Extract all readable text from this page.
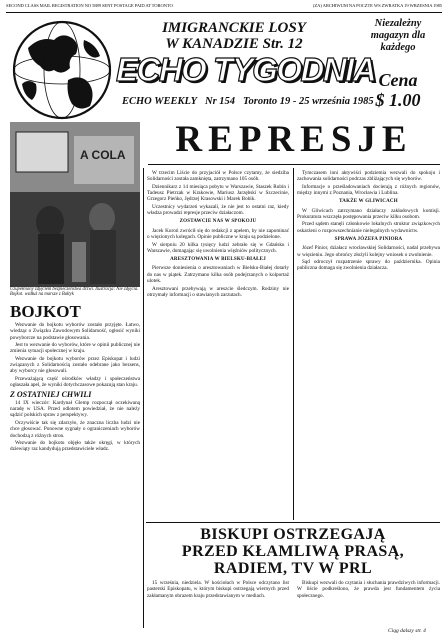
SECOND CLASS MAIL REGISTRATION NO 5889 SENT POSTAGE PAID AT TORONTO	(ZA) ARCHIWUM NA POCZTE WS ZWRATKA 19 WRZESNIA 1985
IMIGRANCKIE LOSY
W KANADZIE Str. 12
ECHO TYGODNIA
ECHO WEEKLY Nr 154 Toronto 19 - 25 września 1985
Niezależny magazyn dla każdego
Cena
$ 1.00
A COLA
Uzupełniony zdjęciem bezpieczeństwa drzwi. Ilustracja: Nie zdjęcia. Bojkot. wzdłuż na marsze z Bałtyk
REPRESJE
BOJKOT

Wezwanie do bojkotu wyborów zostało przyjęte. Łatwo, wiedząc o Związku Zawodowym Solidarność, ogłosić wyniki powyborcze na podstawie głosowania.

Jest to wezwanie do wyborów, które w opinii publicznej nie zmienia sytuacji społecznej w kraju.

Wezwanie do bojkotu wyborów przez Episkopat i ludzi związanych z Solidarnością zostało odebrane jako bezsens, aby wyborcy nie głosowali.

Przeważającą część ośrodków władzy i społeczeństwa ogłaszała apel, że wyniki dotychczasowe pokazują stan kraju.

Z OSTATNIEJ CHWILI

14 IX wieczór: Kardynał Glemp rozpoczął oczekiwaną naradę w USA. Przed odlotem powiedział, że nie należy sądzić polskich spraw z perspektywy.

Oczywiście tak się zdarzyło, że znaczna liczba ludzi nie chce głosować. Ponowne sygnały o ograniczeniach wyborów dochodzą z różnych stron.

Wezwanie do bojkotu objęło także okręgi, w których dziewiąty raz kandydują przedstawiciele władz.

W trzecim Liście do przyjaciół w Polsce czytamy, że siedziba Solidarności została zamknięta, zatrzymano 105 osób.

Dziennikarz z 14 miesiąca pobytu w Warszawie, Staszek Rubin i Tadeusz Pietrzak w Krakowie, Mariusz Jarzębski w Szczecinie, Grzegorz Pieńko, Jędrzej Krasowski i Marek Bobik.

Uczestnicy wydarzeń wykazali, że nie jest to ostatni raz, kiedy władza prowadzi represje przeciw działaczom.

ZOSTAWCIE NAS W SPOKOJU

Jacek Kuroń zwrócił się do redakcji z apelem, by nie zapominać o więzionych kolegach. Opinie publiczne w kraju są podzielone.

W sierpniu 20 kilka tysięcy ludzi zebrało się w Gdańsku i Warszawie, domagając się uwolnienia więźniów politycznych.

ARESZTOWANIA W BIELSKU-BIAŁEJ

Pierwsze doniesienia o aresztowaniach w Bielsku-Białej dotarły do nas w piątek. Zatrzymano kilka osób podejrzanych o kolportaż ulotek.

Aresztowani przebywają w areszcie śledczym. Rodziny nie otrzymały informacji o stawianych zarzutach.

Tymczasem inni aktywiści podziemia wezwali do spokoju i zachowania solidarności podczas zbliżających się wyborów.

Informacje o prześladowaniach docierają z różnych regionów, między innymi z Poznania, Wrocławia i Lublina.

TAKŻE W GLIWICACH

W Gliwicach zatrzymano działaczy zakładowych komisji. Prokuratura wszczęła postępowania przeciw kilku osobom.

Przed sądem stanęli członkowie lokalnych struktur związkowych oskarżeni o rozpowszechnianie nielegalnych wydawnictw.

SPRAWA JÓZEFA PINIORA

Józef Pinior, działacz wrocławskiej Solidarności, nadal przebywa w więzieniu. Jego obrońcy złożyli kolejny wniosek o zwolnienie.

Sąd odroczył rozpatrzenie sprawy do października. Opinia publiczna domaga się zwolnienia działacza.

BISKUPI OSTRZEGAJĄ
PRZED KŁAMLIWĄ PRASĄ,
RADIEM, TV W PRL

15 września, niedziela. W kościołach w Polsce odczytano list pasterski Episkopatu, w którym biskupi ostrzegają wiernych przed zakłamanym obrazem kraju przedstawianym w mediach.

Biskupi wezwali do czytania i słuchania prawdziwych informacji. W liście podkreślono, że prawda jest fundamentem życia społecznego.

Ciąg dalszy str. 4
